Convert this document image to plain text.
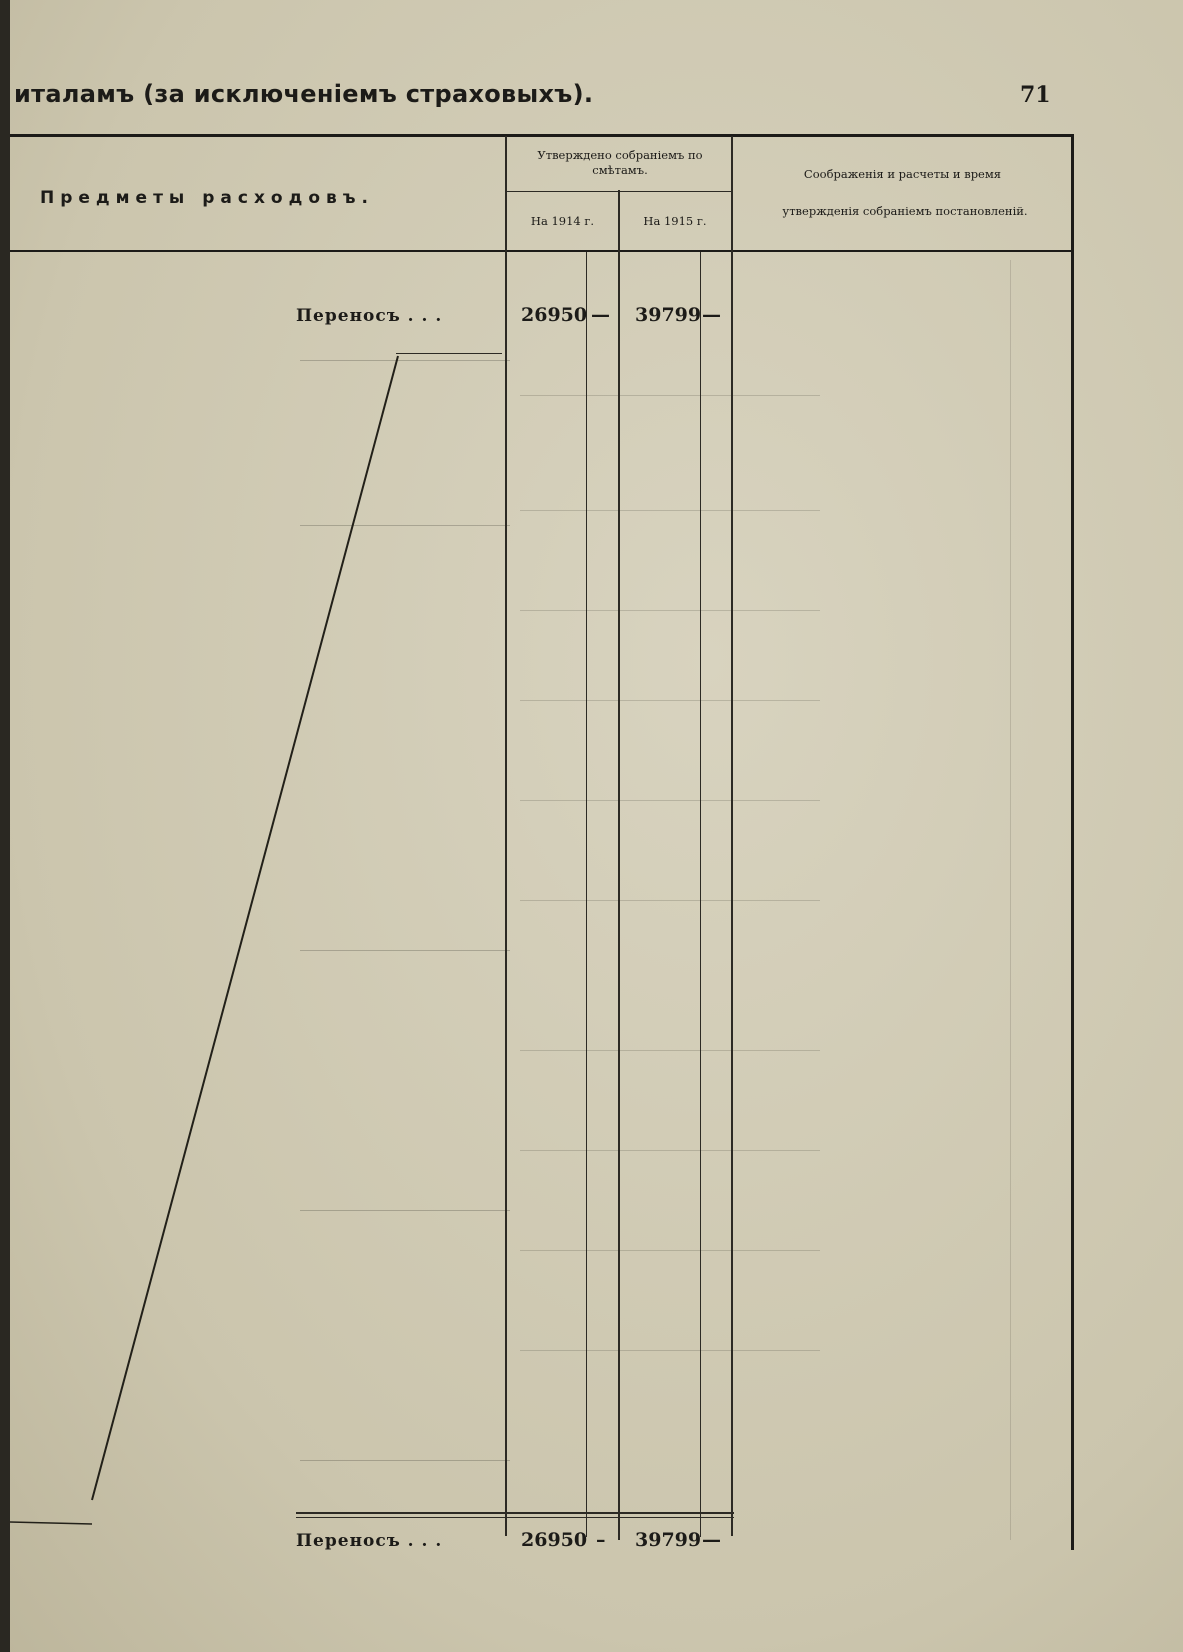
италамъ (за исключеніемъ страховыхъ).	71
Предметы расходовъ.
Утверждено собраніемъ по смѣтамъ.
На 1914 г.	На 1915 г.
Соображенія и расчеты и время
утвержденія собраніемъ постановленій.
Переносъ . . .	26950 — 39799 —
Переносъ . . .	26950 – 39799 —
